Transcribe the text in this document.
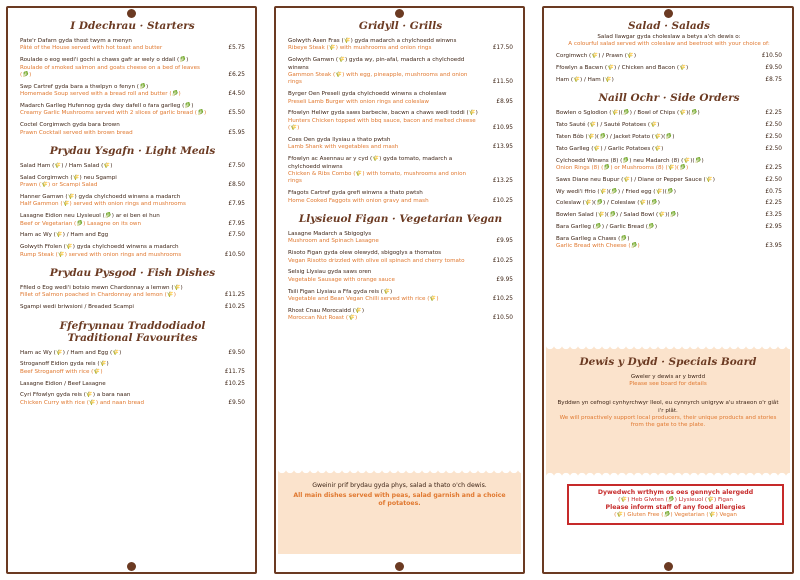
I Ddechrau · Starters
Pate'r Dafarn gyda thost twym a menyn
Pâté of the House served with hot toast and butter	£5.75
Roulade o eog wedi'i gochi a chaws gafr ar wely o ddail (🥬)
Roulade of smoked salmon and goats cheese on a bed of leaves (🥬)	£6.25
Swp Cartref gyda bara a thwlpyn o fenyn (🥬)
Homemade Soup served with a bread roll and butter (🥬)	£4.50
Madarch Garlleg Hufennog gyda dwy dafell o fara garlleg (🥬)
Creamy Garlic Mushrooms served with 2 slices of garlic bread (🥬)	£5.50
Coctel Corgimwch gyda bara brown
Prawn Cocktail served with brown bread	£5.95
Prydau Ysgafn · Light Meals
Salad Ham (🌾) / Ham Salad (🌾)	£7.50
Salad Corgimwch (🌾) neu Sgampi
Prawn (🌾) or Scampi Salad	£8.50
Hanner Gamwn (🌾) gyda chylchoedd winwns a madarch
Half Gammon (🌾) served with onion rings and mushrooms	£7.95
Lasagne Eidion neu Llysieuol (🥬) ar ei ben ei hun
Beef or Vegetarian (🥬) Lasagne on its own	£7.95
Ham ac Wy (🌾) / Ham and Egg	£7.50
Golwyth Ffolen (🌾) gyda chylchoedd winwns a madarch
Rump Steak (🌾) served with onion rings and mushrooms	£10.50
Prydau Pysgod · Fish Dishes
Ffiled o Eog wedi'i botsio mewn Chardonnay a lemwn (🌾)
Fillet of Salmon poached in Chardonnay and lemon (🌾)	£11.25
Sgampi wedi briwsioni / Breaded Scampi	£10.25
Ffefrynnau Traddodiadol
Traditional Favourites
Ham ac Wy (🌾) / Ham and Egg (🌾)	£9.50
Stroganoff Eidion gyda reis (🌾)
Beef Stroganoff with rice (🌾)	£11.75
Lasagne Eidion / Beef Lasagne	£10.25
Cyri Ffowlyn gyda reis (🌾) a bara naan
Chicken Curry with rice (🌾) and naan bread	£9.50
Gridyll · Grills
Golwyth Asen Fras (🌾) gyda madarch a chylchoedd winwns
Ribeye Steak (🌾) with mushrooms and onion rings	£17.50
Golwyth Gamwn (🌾) gyda wy, pin-afal, madarch a chylchoedd winwns
Gammon Steak (🌾) with egg, pineapple, mushrooms and onion rings	£11.50
Byrger Oen Preseli gyda chylchoedd winwns a choleslaw
Preseli Lamb Burger with onion rings and coleslaw	£8.95
Ffowlyn Heliwr gyda saws barbeciw, bacwn a chaws wedi toddi (🌾)
Hunters Chicken topped with bbq sauce, bacon and melted cheese (🌾)	£10.95
Coes Oen gyda llysiau a thato pwtsh
Lamb Shank with vegetables and mash	£13.95
Ffowlyn ac Asennau ar y cyd (🌾) gyda tomato, madarch a chylchoedd winwns
Chicken & Ribs Combo (🌾) with tomato, mushrooms and onion rings	£13.25
Ffagots Cartref gyda grefi winwns a thato pwtsh
Home Cooked Faggots with onion gravy and mash	£10.25
Llysieuol Figan · Vegetarian Vegan
Lasagne Madarch a Sbigoglys
Mushroom and Spinach Lasagne	£9.95
Risoto Figan gyda olew olewydd, sbigoglys a thomatos
Vegan Risotto drizzled with olive oil spinach and cherry tomato	£10.25
Selsig Llysiau gyda saws oren
Vegetable Sausage with orange sauce	£9.95
Tsili Figan Llysiau a Ffa gyda reis (🌾)
Vegetable and Bean Vegan Chilli served with rice (🌾)	£10.25
Rhost Cnau Morocaidd (🌾)
Moroccan Nut Roast (🌾)	£10.50
Gweinir prif brydau gyda phys, salad a thato o'ch dewis.
All main dishes served with peas, salad garnish and a choice of potatoes.
Salad · Salads
Salad llawgar gyda choleslaw a betys a'ch dewis o:
A colourful salad served with coleslaw and beetroot with your choice of:
Corgimwch (🌾) / Prawn (🌾)	£10.50
Ffowlyn a Bacwn (🌾) / Chicken and Bacon (🌾)	£9.50
Ham (🌾) / Ham (🌾)	£8.75
Naill Ochr · Side Orders
Bowlen o Sglodion (🌾)(🥬) / Bowl of Chips (🌾)(🥬)	£2.25
Tato Sauté (🌾) / Sauté Potatoes (🌾)	£2.50
Taten Bôb (🌾)(🥬) / Jacket Potato (🌾)(🥬)	£2.50
Tato Garlleg (🌾) / Garlic Potatoes (🌾)	£2.50
Cylchoedd Winwns (8) (🥬) neu Madarch (8) (🌾)(🥬)
Onion Rings (8) (🥬) or Mushrooms (8) (🌾)(🥬)	£2.25
Saws Diane neu Bupur (🌾) / Diane or Pepper Sauce (🌾)	£2.50
Wy wedi'i ffrio (🌾)(🥬) / Fried egg (🌾)(🥬)	£0.75
Coleslaw (🌾)(🥬) / Coleslaw (🌾)(🥬)	£2.25
Bowlen Salad (🌾)(🥬) / Salad Bowl (🌾)(🥬)	£3.25
Bara Garlleg (🥬) / Garlic Bread (🥬)	£2.95
Bara Garlleg a Chaws (🥬)
Garlic Bread with Cheese (🥬)	£3.95
Dewis y Dydd · Specials Board
Gweler y dewis ar y bwrdd
Please see board for details
Byddwn yn cefnogi cynhyrchwyr lleol, eu cynnyrch unigryw a'u straeon o'r giât i'r plât.
We will proactively support local producers, their unique products and stories from the gate to the plate.
Dywedwch wrthym os oes gennych alergedd
(🌾) Heb Glwten (🥬) Llysieuol (🌾) Figan
Please inform staff of any food allergies
(🌾) Gluten Free (🥬) Vegetarian (🌾) Vegan
